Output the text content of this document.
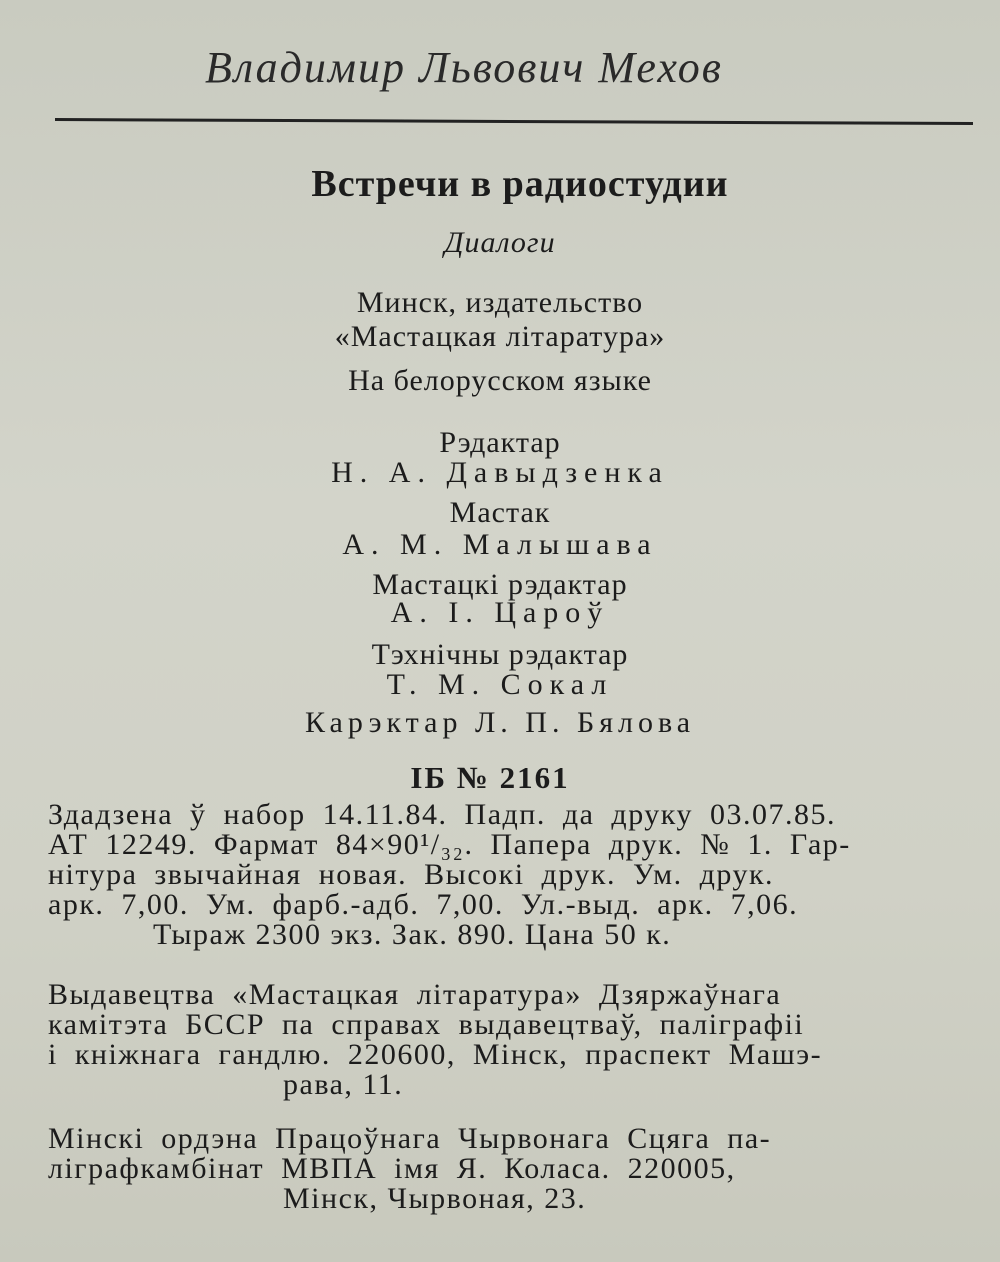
Владимир Львович Мехов
Встречи в радиостудии
Диалоги
Минск, издательство
«Мастацкая літаратура»
На белорусском языке
Рэдактар
Н. А. Давыдзенка
Мастак
А. М. Малышава
Мастацкі рэдактар
А. І. Цароў
Тэхнічны рэдактар
Т. М. Сокал
Карэктар Л. П. Бялова
ІБ № 2161
Здадзена ў набор 14.11.84. Падп. да друку 03.07.85.
АТ 12249. Фармат 84×90¹/₃₂. Папера друк. № 1. Гар-
нітура звычайная новая. Высокі друк. Ум. друк.
арк. 7,00. Ум. фарб.-адб. 7,00. Ул.-выд. арк. 7,06.
Тыраж 2300 экз. Зак. 890. Цана 50 к.
Выдавецтва «Мастацкая літаратура» Дзяржаўнага
камітэта БССР па справах выдавецтваў, паліграфіі
і кніжнага гандлю. 220600, Мінск, праспект Машэ-
рава, 11.
Мінскі ордэна Працоўнага Чырвонага Сцяга па-
ліграфкамбінат МВПА імя Я. Коласа. 220005,
Мінск, Чырвоная, 23.
